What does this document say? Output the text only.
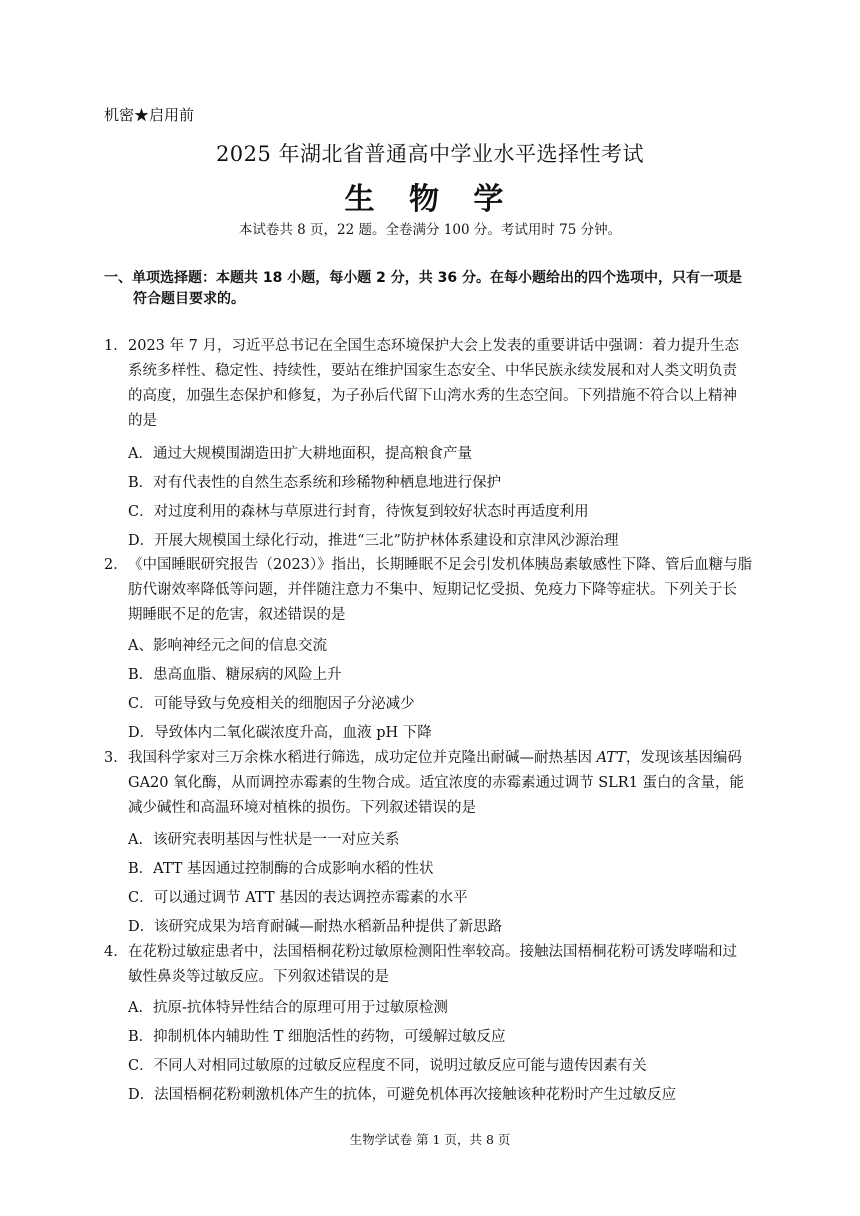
机密★启用前
2025 年湖北省普通高中学业水平选择性考试
生 物 学
本试卷共 8 页，22 题。全卷满分 100 分。考试用时 75 分钟。
一、单项选择题：本题共 18 小题，每小题 2 分，共 36 分。在每小题给出的四个选项中，只有一项是
符合题目要求的。
1． 2023 年 7 月，习近平总书记在全国生态环境保护大会上发表的重要讲话中强调：着力提升生态
系统多样性、稳定性、持续性，要站在维护国家生态安全、中华民族永续发展和对人类文明负责
的高度，加强生态保护和修复，为子孙后代留下山湾水秀的生态空间。下列措施不符合以上精神
的是
A．通过大规模围湖造田扩大耕地面积，提高粮食产量
B．对有代表性的自然生态系统和珍稀物种栖息地进行保护
C．对过度利用的森林与草原进行封育，待恢复到较好状态时再适度利用
D．开展大规模国土绿化行动，推进“三北”防护林体系建设和京津风沙源治理
2． 《中国睡眠研究报告（2023）》指出，长期睡眠不足会引发机体胰岛素敏感性下降、管后血糖与脂
肪代谢效率降低等问题，并伴随注意力不集中、短期记忆受损、免疫力下降等症状。下列关于长
期睡眠不足的危害，叙述错误的是
A、影响神经元之间的信息交流
B．患高血脂、糖尿病的风险上升
C．可能导致与免疫相关的细胞因子分泌减少
D．导致体内二氧化碳浓度升高，血液 pH 下降
3． 我国科学家对三万余株水稻进行筛选，成功定位并克隆出耐碱—耐热基因 ATT，发现该基因编码
GA20 氧化酶，从而调控赤霉素的生物合成。适宜浓度的赤霉素通过调节 SLR1 蛋白的含量，能
减少碱性和高温环境对植株的损伤。下列叙述错误的是
A．该研究表明基因与性状是一一对应关系
B．ATT 基因通过控制酶的合成影响水稻的性状
C．可以通过调节 ATT 基因的表达调控赤霉素的水平
D．该研究成果为培育耐碱—耐热水稻新品种提供了新思路
4． 在花粉过敏症患者中，法国梧桐花粉过敏原检测阳性率较高。接触法国梧桐花粉可诱发哮喘和过
敏性鼻炎等过敏反应。下列叙述错误的是
A．抗原-抗体特异性结合的原理可用于过敏原检测
B．抑制机体内辅助性 T 细胞活性的药物，可缓解过敏反应
C．不同人对相同过敏原的过敏反应程度不同，说明过敏反应可能与遗传因素有关
D．法国梧桐花粉刺激机体产生的抗体，可避免机体再次接触该种花粉时产生过敏反应
生物学试卷 第 1 页，共 8 页
